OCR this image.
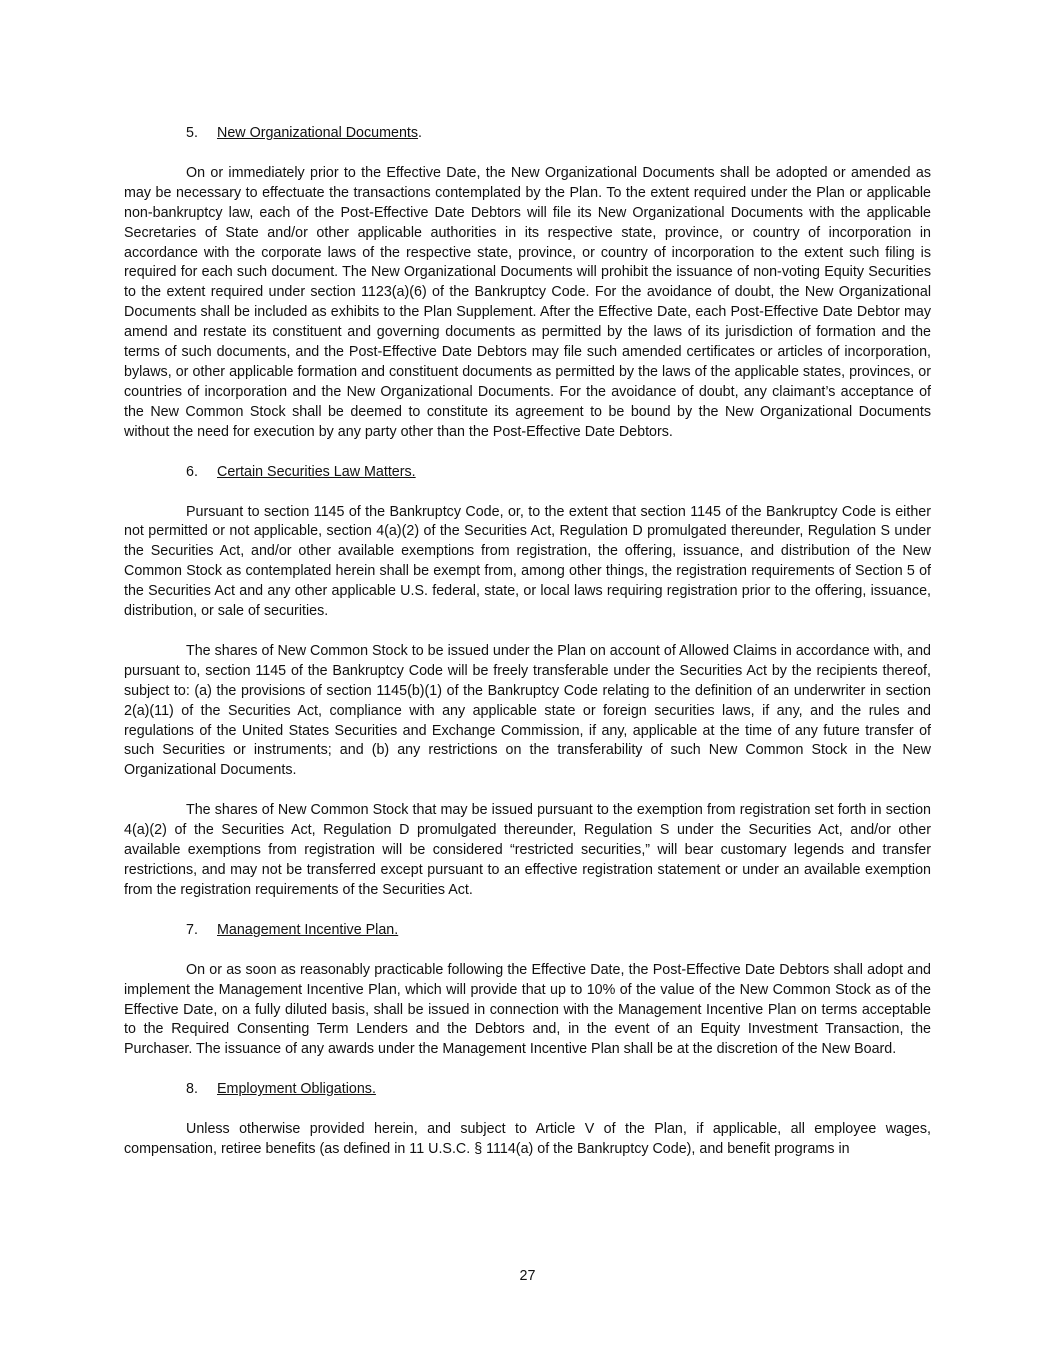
5. New Organizational Documents.

On or immediately prior to the Effective Date, the New Organizational Documents shall be adopted or amended as may be necessary to effectuate the transactions contemplated by the Plan. To the extent required under the Plan or applicable non-bankruptcy law, each of the Post-Effective Date Debtors will file its New Organizational Documents with the applicable Secretaries of State and/or other applicable authorities in its respective state, province, or country of incorporation in accordance with the corporate laws of the respective state, province, or country of incorporation to the extent such filing is required for each such document. The New Organizational Documents will prohibit the issuance of non-voting Equity Securities to the extent required under section 1123(a)(6) of the Bankruptcy Code. For the avoidance of doubt, the New Organizational Documents shall be included as exhibits to the Plan Supplement. After the Effective Date, each Post-Effective Date Debtor may amend and restate its constituent and governing documents as permitted by the laws of its jurisdiction of formation and the terms of such documents, and the Post-Effective Date Debtors may file such amended certificates or articles of incorporation, bylaws, or other applicable formation and constituent documents as permitted by the laws of the applicable states, provinces, or countries of incorporation and the New Organizational Documents. For the avoidance of doubt, any claimant’s acceptance of the New Common Stock shall be deemed to constitute its agreement to be bound by the New Organizational Documents without the need for execution by any party other than the Post-Effective Date Debtors.

6. Certain Securities Law Matters.

Pursuant to section 1145 of the Bankruptcy Code, or, to the extent that section 1145 of the Bankruptcy Code is either not permitted or not applicable, section 4(a)(2) of the Securities Act, Regulation D promulgated thereunder, Regulation S under the Securities Act, and/or other available exemptions from registration, the offering, issuance, and distribution of the New Common Stock as contemplated herein shall be exempt from, among other things, the registration requirements of Section 5 of the Securities Act and any other applicable U.S. federal, state, or local laws requiring registration prior to the offering, issuance, distribution, or sale of securities.

The shares of New Common Stock to be issued under the Plan on account of Allowed Claims in accordance with, and pursuant to, section 1145 of the Bankruptcy Code will be freely transferable under the Securities Act by the recipients thereof, subject to: (a) the provisions of section 1145(b)(1) of the Bankruptcy Code relating to the definition of an underwriter in section 2(a)(11) of the Securities Act, compliance with any applicable state or foreign securities laws, if any, and the rules and regulations of the United States Securities and Exchange Commission, if any, applicable at the time of any future transfer of such Securities or instruments; and (b) any restrictions on the transferability of such New Common Stock in the New Organizational Documents.

The shares of New Common Stock that may be issued pursuant to the exemption from registration set forth in section 4(a)(2) of the Securities Act, Regulation D promulgated thereunder, Regulation S under the Securities Act, and/or other available exemptions from registration will be considered “restricted securities,” will bear customary legends and transfer restrictions, and may not be transferred except pursuant to an effective registration statement or under an available exemption from the registration requirements of the Securities Act.

7. Management Incentive Plan.

On or as soon as reasonably practicable following the Effective Date, the Post-Effective Date Debtors shall adopt and implement the Management Incentive Plan, which will provide that up to 10% of the value of the New Common Stock as of the Effective Date, on a fully diluted basis, shall be issued in connection with the Management Incentive Plan on terms acceptable to the Required Consenting Term Lenders and the Debtors and, in the event of an Equity Investment Transaction, the Purchaser. The issuance of any awards under the Management Incentive Plan shall be at the discretion of the New Board.

8. Employment Obligations.

Unless otherwise provided herein, and subject to Article V of the Plan, if applicable, all employee wages, compensation, retiree benefits (as defined in 11 U.S.C. § 1114(a) of the Bankruptcy Code), and benefit programs in

27
